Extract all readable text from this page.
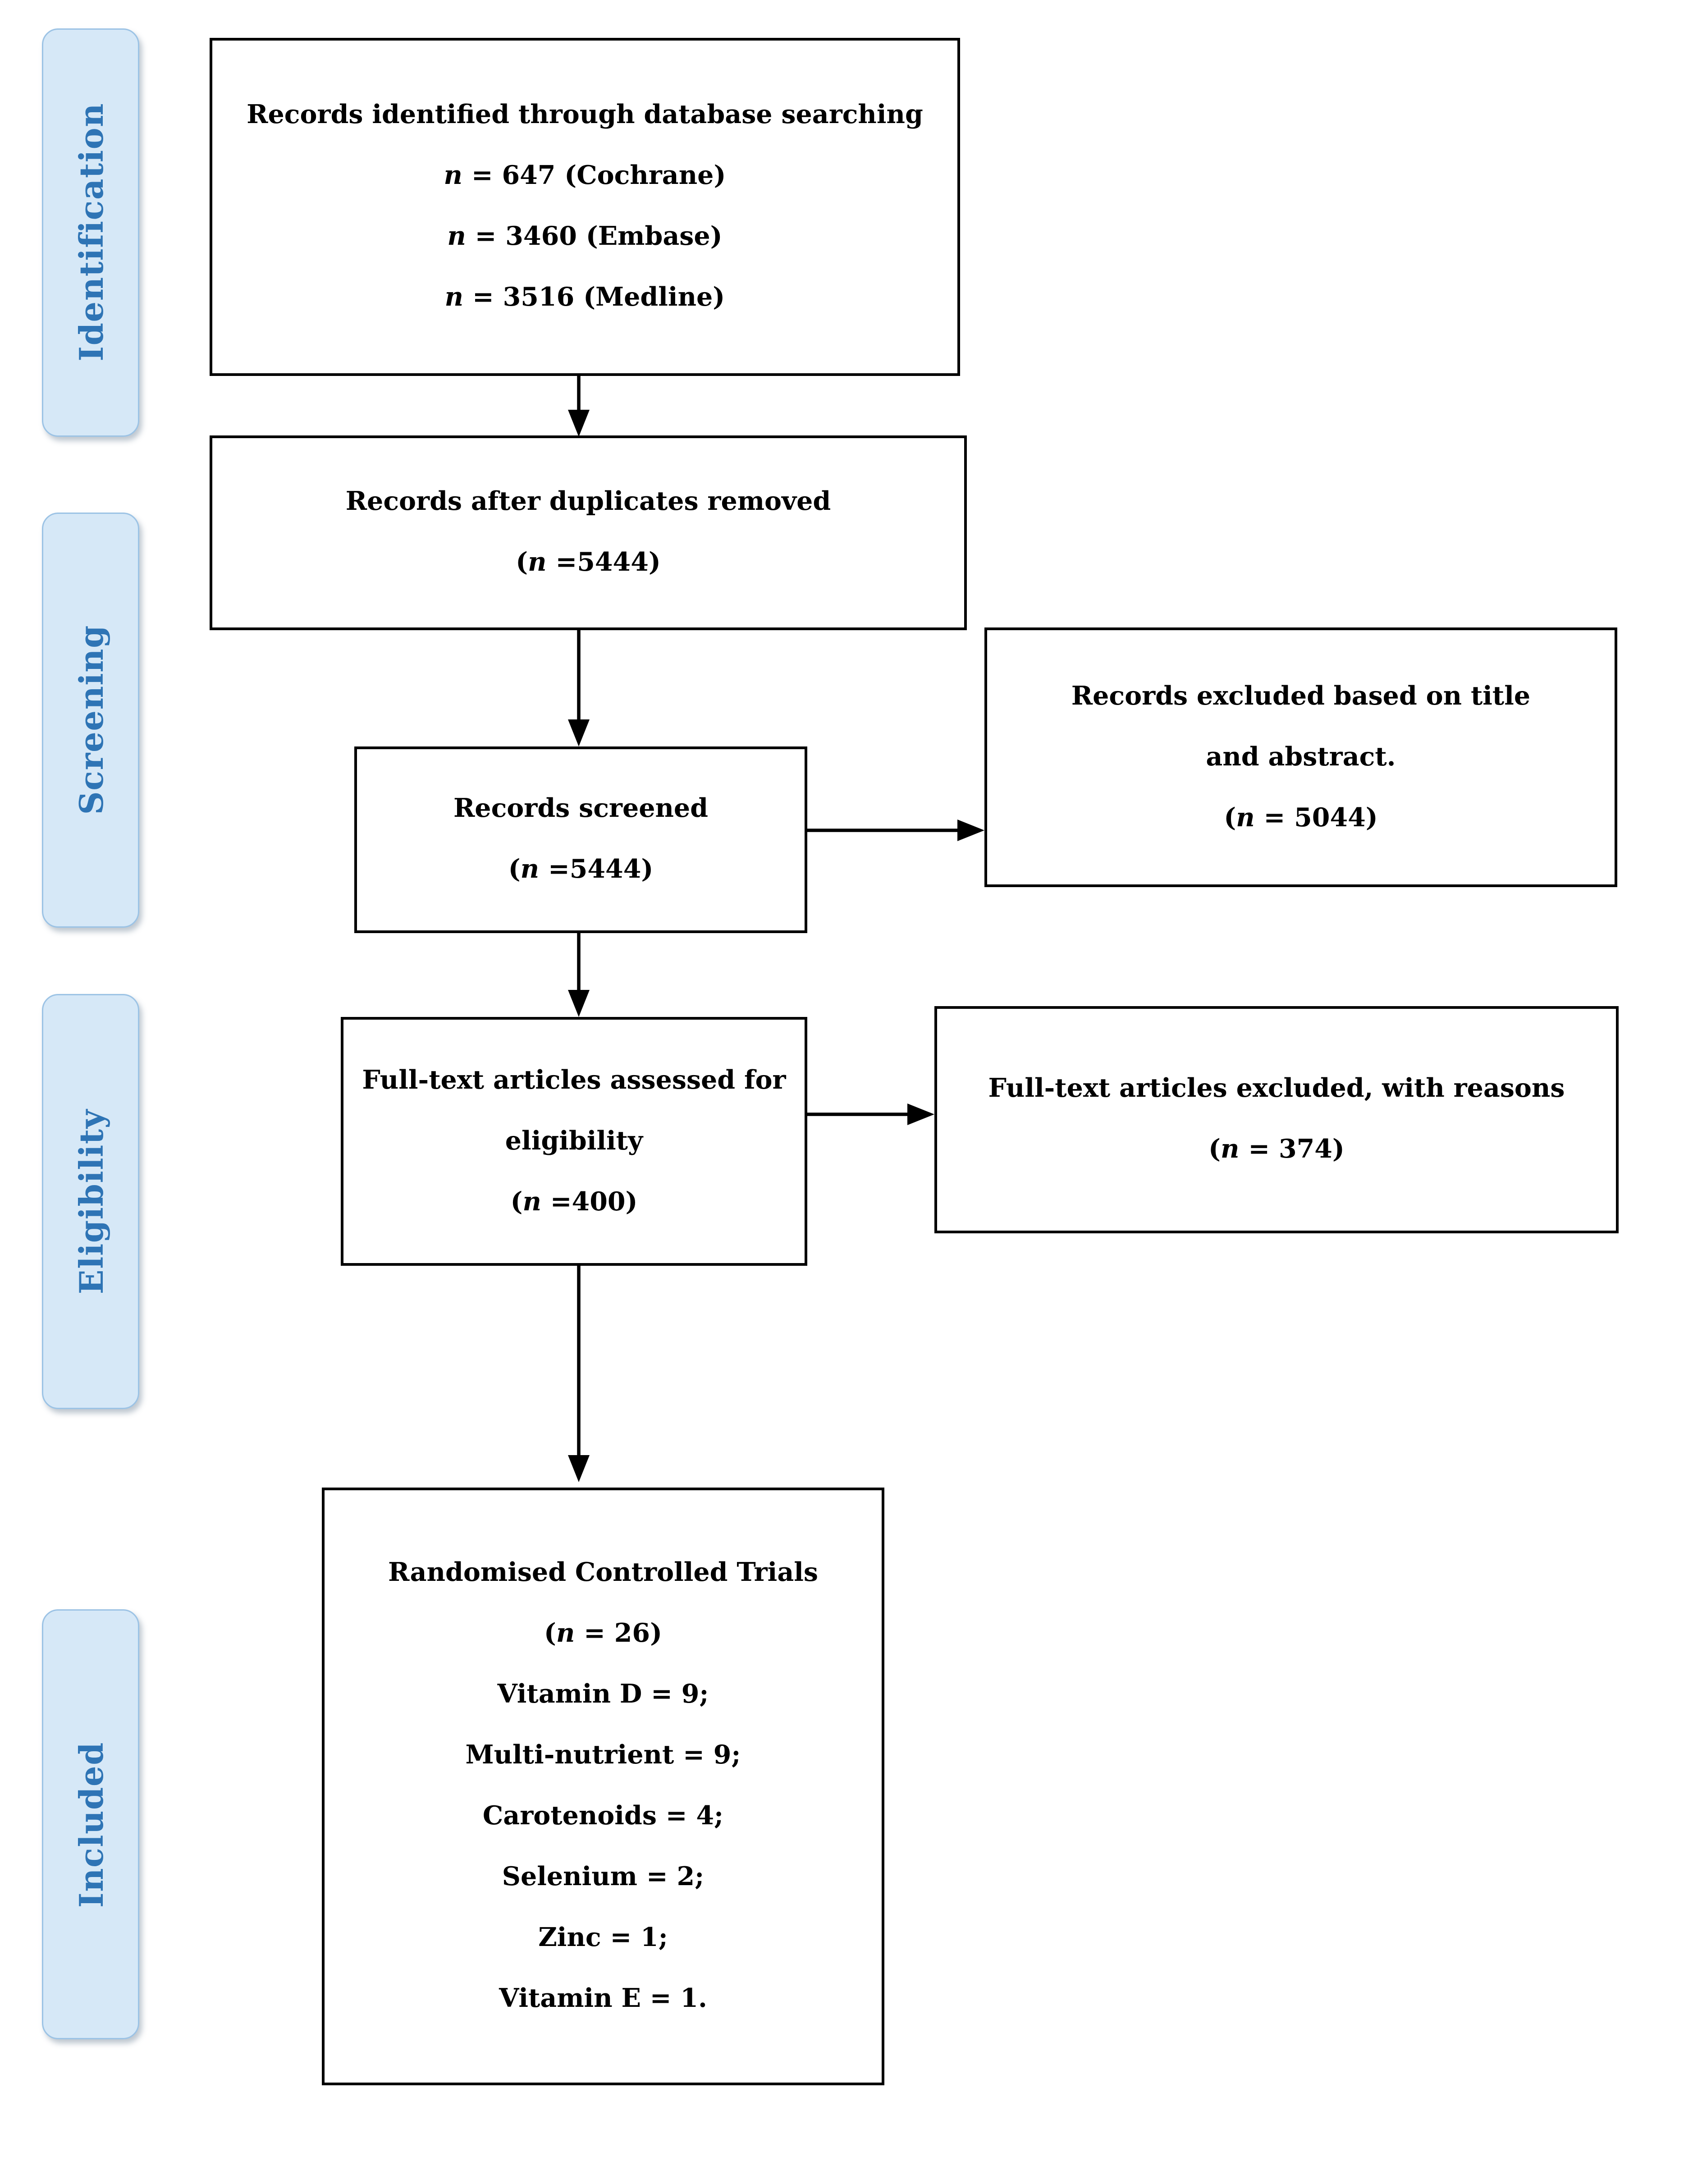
Identification
Screening
Eligibility
Included

Records identified through database searching

n = 647 (Cochrane)

n = 3460 (Embase)

n = 3516 (Medline)

Records after duplicates removed

(n =5444)

Records screened

(n =5444)

Records excluded based on title and abstract.

(n = 5044)

Full-text articles assessed for eligibility

(n =400)

Full-text articles excluded, with reasons

(n = 374)

Randomised Controlled Trials

(n = 26)

Vitamin D = 9;

Multi-nutrient = 9;

Carotenoids = 4;

Selenium = 2;

Zinc = 1;

Vitamin E = 1.
